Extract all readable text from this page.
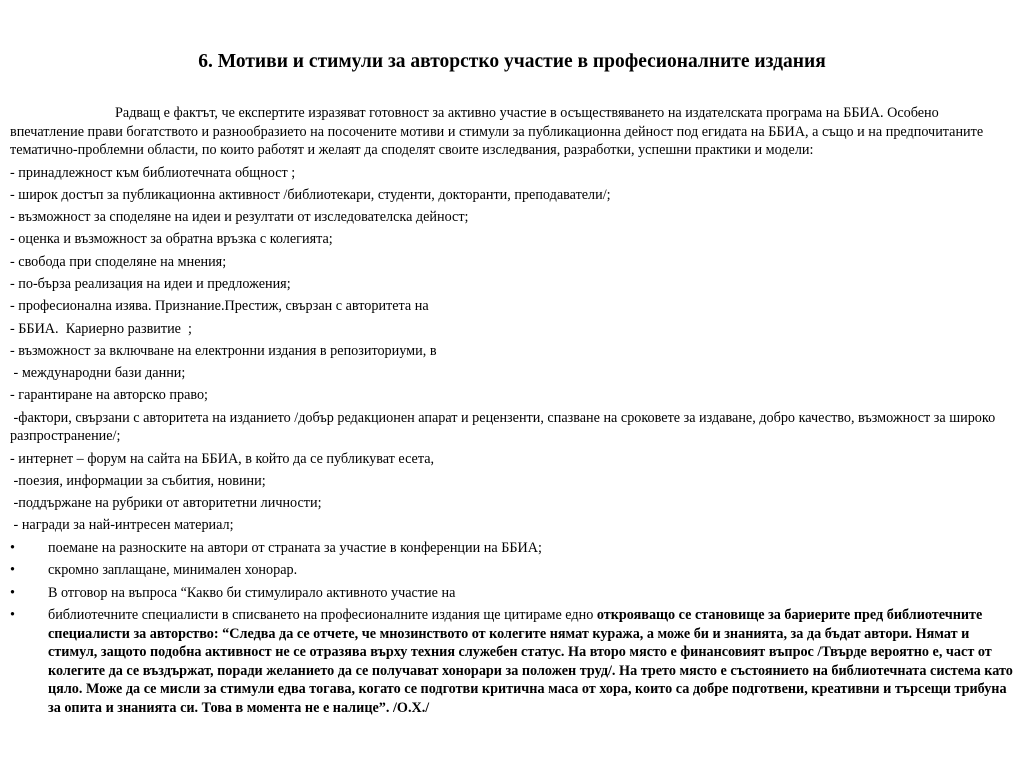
6. Мотиви и стимули за авторстко участие в професионалните издания

Радващ е фактът, че експертите изразяват готовност за активно участие в осъществяването на издателската програма на ББИА. Особено впечатление прави богатството и разнообразието на посочените мотиви и стимули за публикационна дейност под егидата на ББИА, а също и на предпочитаните тематично-проблемни области, по които работят и желаят да споделят своите изследвания, разработки, успешни практики и модели:

- принадлежност към библиотечната общност ;
- широк достъп за публикационна активност /библиотекари, студенти, докторанти, преподаватели/;
- възможност за споделяне на идеи и резултати от изследователска дейност;
- оценка и възможност за обратна връзка с колегията;
- свобода при споделяне на мнения;
- по-бърза реализация на идеи и предложения;
- професионална изява. Признание.Престиж, свързан с авторитета на
- ББИА.  Кариерно развитие  ;
- възможност за включване на електронни издания в репозиториуми, в
- международни бази данни;
- гарантиране на авторско право;
-фактори, свързани с авторитета на изданието /добър редакционен апарат и рецензенти, спазване на сроковете за издаване, добро качество, възможност за широко разпространение/;
- интернет – форум на сайта на ББИА, в който да се публикуват есета,
-поезия, информации за събития, новини;
-поддържане на рубрики от авторитетни личности;
- награди за най-интресен материал;
• поемане на разноските на автори от страната за участие в конференции на ББИА;
• скромно заплащане, минимален хонорар.
• В отговор на въпроса “Какво би стимулирало активното участие на
• библиотечните специалисти в списването на професионалните издания ще цитираме едно открояващо се становище за бариерите пред библиотечните специалисти за авторство: “Следва да се отчете, че мнозинството от колегите нямат куража, а може би и знанията, за да бъдат автори. Нямат и стимул, защото подобна активност не се отразява върху техния служебен статус. На второ място е финансовият въпрос /Твърде вероятно е, част от колегите да се въздържат, поради желанието да се получават хонорари за положен труд/. На трето място е състоянието на библиотечната система като цяло. Може да се мисли за стимули едва тогава, когато се подготви критична маса от хора, които са добре подготвени, креативни и търсещи трибуна за опита и знанията си. Това в момента не е налице”. /О.Х./
